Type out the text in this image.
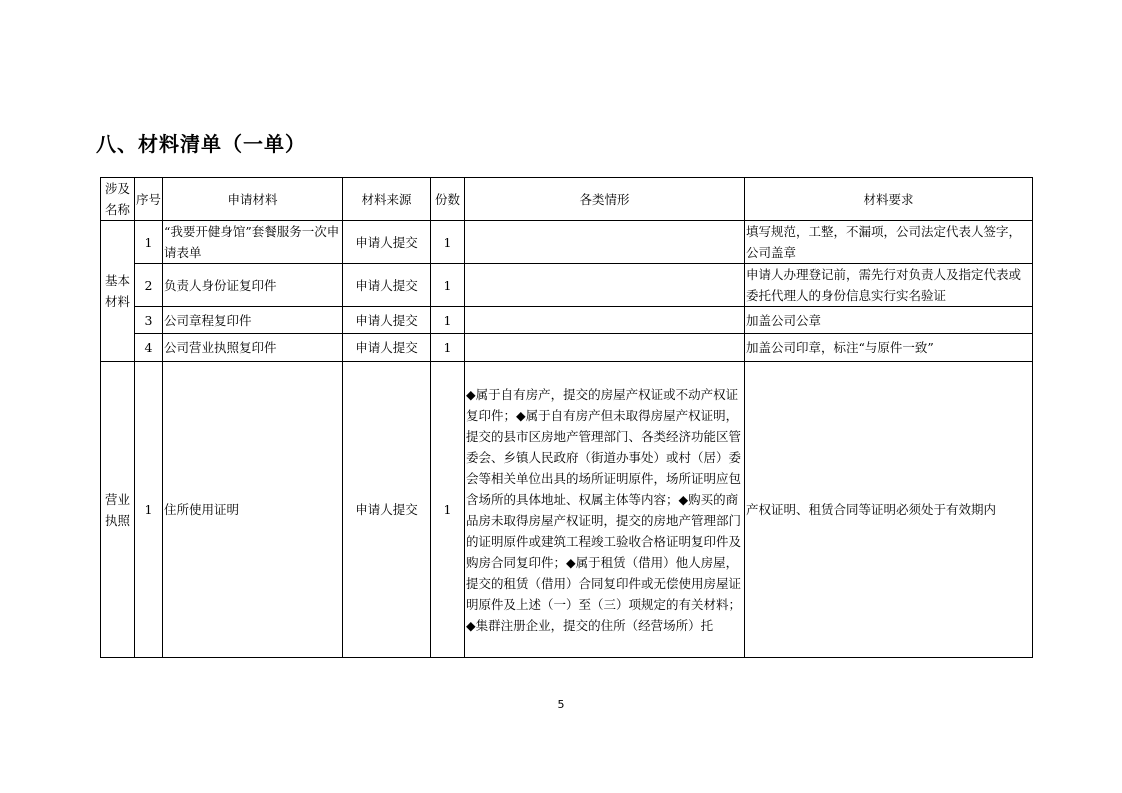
八、材料清单（一单）
涉及名称	序号	申请材料	材料来源	份数	各类情形	材料要求
基本材料	1	“我要开健身馆”套餐服务一次申请表单	申请人提交	1		填写规范，工整，不漏项，公司法定代表人签字，公司盖章
	2	负责人身份证复印件	申请人提交	1		申请人办理登记前，需先行对负责人及指定代表或委托代理人的身份信息实行实名验证
	3	公司章程复印件	申请人提交	1		加盖公司公章
	4	公司营业执照复印件	申请人提交	1		加盖公司印章，标注“与原件一致”
营业执照	1	住所使用证明	申请人提交	1	◆属于自有房产，提交的房屋产权证或不动产权证复印件；◆属于自有房产但未取得房屋产权证明，提交的县市区房地产管理部门、各类经济功能区管委会、乡镇人民政府（街道办事处）或村（居）委会等相关单位出具的场所证明原件，场所证明应包含场所的具体地址、权属主体等内容；◆购买的商品房未取得房屋产权证明，提交的房地产管理部门的证明原件或建筑工程竣工验收合格证明复印件及购房合同复印件；◆属于租赁（借用）他人房屋，提交的租赁（借用）合同复印件或无偿使用房屋证明原件及上述（一）至（三）项规定的有关材料；◆集群注册企业，提交的住所（经营场所）托	产权证明、租赁合同等证明必须处于有效期内
5
